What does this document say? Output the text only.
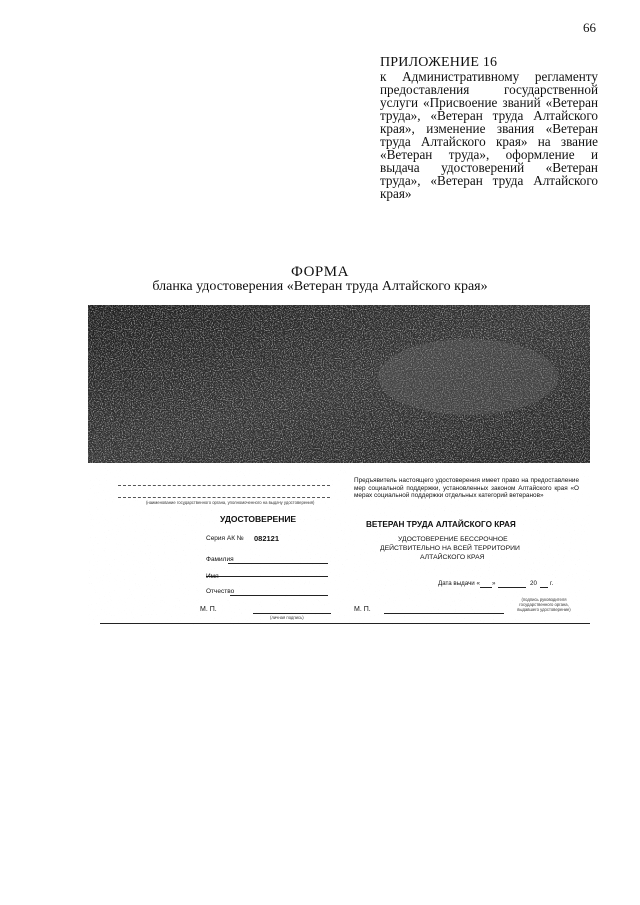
66
ПРИЛОЖЕНИЕ 16
к Административному регламенту предоставления государственной услуги «Присвоение званий «Ветеран труда», «Ветеран труда Алтайского края», изменение звания «Ветеран труда Алтайского края» на звание «Ветеран труда», оформление и выдача удостоверений «Ветеран труда», «Ветеран труда Алтайского края»
ФОРМА
бланка удостоверения «Ветеран труда Алтайского края»
(наименование государственного органа, уполномоченного на выдачу удостоверения)
УДОСТОВЕРЕНИЕ
Серия АК № 082121
Фамилия
Имя
Отчество
М. П.
(личная подпись)
Предъявитель настоящего удостоверения имеет право на предоставление мер социальной поддержки, установленных законом Алтайского края «О мерах социальной поддержки отдельных категорий ветеранов»
ВЕТЕРАН ТРУДА АЛТАЙСКОГО КРАЯ
УДОСТОВЕРЕНИЕ БЕССРОЧНОЕ
ДЕЙСТВИТЕЛЬНО НА ВСЕЙ ТЕРРИТОРИИ
АЛТАЙСКОГО КРАЯ
Дата выдачи « »	20 г.
М. П.
(подпись руководителя государственного органа, выдавшего удостоверение)
